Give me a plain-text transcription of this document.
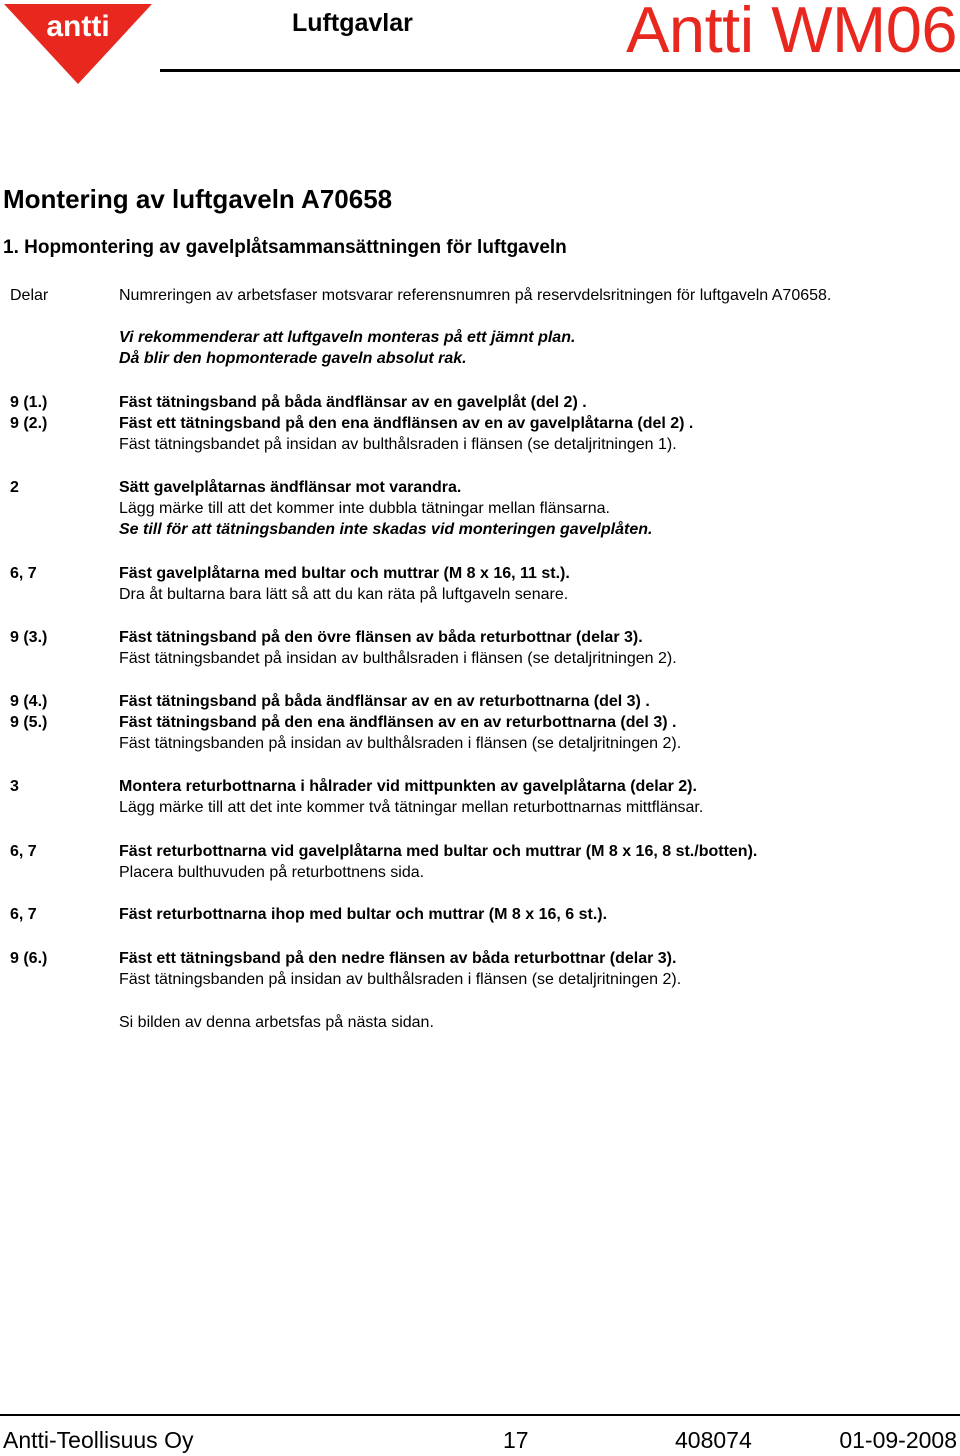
antti	Luftgavlar	Antti WM06
Montering av luftgaveln A70658
1. Hopmontering av gavelplåtsammansättningen för luftgaveln
Delar	Numreringen av arbetsfaser motsvarar referensnumren på reservdelsritningen för luftgaveln A70658.
Vi rekommenderar att luftgaveln monteras på ett jämnt plan.
Då blir den hopmonterade gaveln absolut rak.
9 (1.)	Fäst tätningsband på båda ändflänsar av en gavelplåt (del 2) .
9 (2.)	Fäst ett tätningsband på den ena ändflänsen av en av gavelplåtarna (del 2) .
Fäst tätningsbandet på insidan av bulthålsraden i flänsen (se detaljritningen 1).
2	Sätt gavelplåtarnas ändflänsar mot varandra.
Lägg märke till att det kommer inte dubbla tätningar mellan flänsarna.
Se till för att tätningsbanden inte skadas vid monteringen gavelplåten.
6, 7	Fäst gavelplåtarna med bultar och muttrar (M 8 x 16, 11 st.).
Dra åt bultarna bara lätt så att du kan räta på luftgaveln senare.
9 (3.)	Fäst tätningsband på den övre flänsen av båda returbottnar (delar 3).
Fäst tätningsbandet på insidan av bulthålsraden i flänsen (se detaljritningen 2).
9 (4.)	Fäst tätningsband på båda ändflänsar av en av returbottnarna (del 3) .
9 (5.)	Fäst tätningsband på den ena ändflänsen av en av returbottnarna (del 3) .
Fäst tätningsbanden på insidan av bulthålsraden i flänsen (se detaljritningen 2).
3	Montera returbottnarna i hålrader vid mittpunkten av gavelplåtarna (delar 2).
Lägg märke till att det inte kommer två tätningar mellan returbottnarnas mittflänsar.
6, 7	Fäst returbottnarna vid gavelplåtarna med bultar och muttrar (M 8 x 16, 8 st./botten).
Placera bulthuvuden på returbottnens sida.
6, 7	Fäst returbottnarna ihop med bultar och muttrar (M 8 x 16, 6 st.).
9 (6.)	Fäst ett tätningsband på den nedre flänsen av båda returbottnar (delar 3).
Fäst tätningsbanden på insidan av bulthålsraden i flänsen (se detaljritningen 2).
Si bilden av denna arbetsfas på nästa sidan.
Antti-Teollisuus Oy	17	408074	01-09-2008
